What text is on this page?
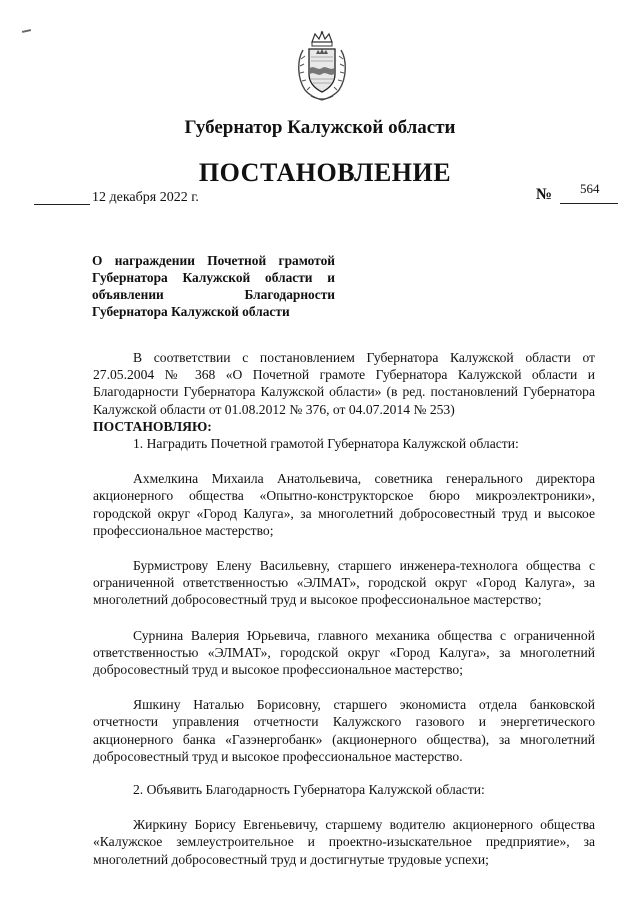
Губернатор Калужской области
ПОСТАНОВЛЕНИЕ
12 декабря 2022 г.	№ 564
О награждении Почетной грамотой Губернатора Калужской области и объявлении Благодарности Губернатора Калужской области

В соответствии с постановлением Губернатора Калужской области от 27.05.2004 № 368 «О Почетной грамоте Губернатора Калужской области и Благодарности Губернатора Калужской области» (в ред. постановлений Губернатора Калужской области от 01.08.2012 № 376, от 04.07.2014 № 253)

ПОСТАНОВЛЯЮ:

1. Наградить Почетной грамотой Губернатора Калужской области:

Ахмелкина Михаила Анатольевича, советника генерального директора акционерного общества «Опытно-конструкторское бюро микроэлектроники», городской округ «Город Калуга», за многолетний добросовестный труд и высокое профессиональное мастерство;

Бурмистрову Елену Васильевну, старшего инженера-технолога общества с ограниченной ответственностью «ЭЛМАТ», городской округ «Город Калуга», за многолетний добросовестный труд и высокое профессиональное мастерство;

Сурнина Валерия Юрьевича, главного механика общества с ограниченной ответственностью «ЭЛМАТ», городской округ «Город Калуга», за многолетний добросовестный труд и высокое профессиональное мастерство;

Яшкину Наталью Борисовну, старшего экономиста отдела банковской отчетности управления отчетности Калужского газового и энергетического акционерного банка «Газэнергобанк» (акционерного общества), за многолетний добросовестный труд и высокое профессиональное мастерство.

2. Объявить Благодарность Губернатора Калужской области:

Жиркину Борису Евгеньевичу, старшему водителю акционерного общества «Калужское землеустроительное и проектно-изыскательное предприятие», за многолетний добросовестный труд и достигнутые трудовые успехи;
